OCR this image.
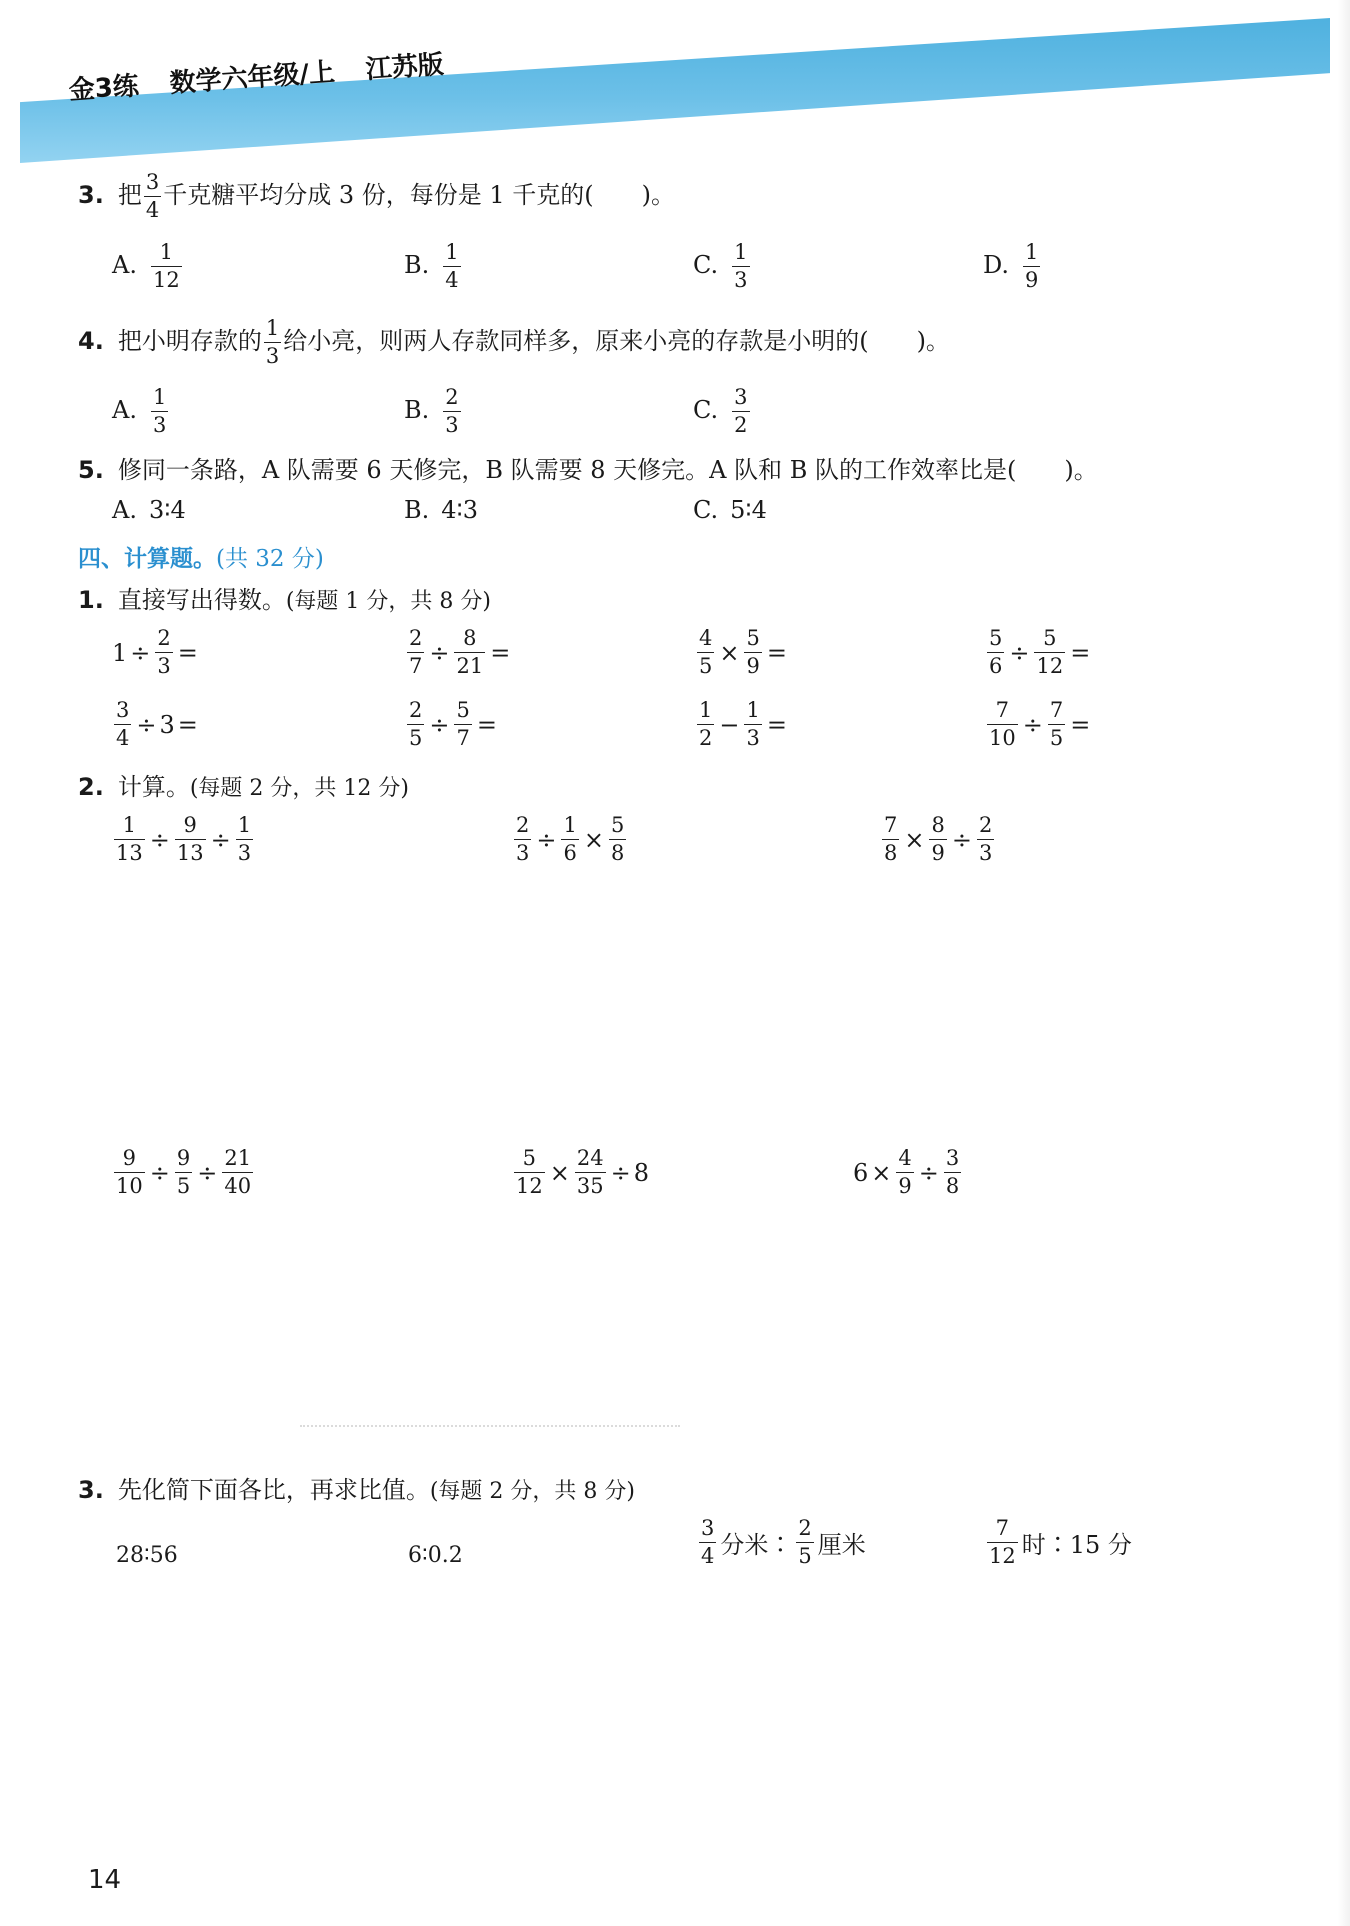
金3练 数学六年级/上 江苏版
3. 把 $\frac{3}{4}$ 千克糖平均分成 3 份，每份是 1 千克的(　　)。
A. $\frac{1}{12}$	B. $\frac{1}{4}$	C. $\frac{1}{3}$	D. $\frac{1}{9}$
4. 把小明存款的 $\frac{1}{3}$ 给小亮，则两人存款同样多，原来小亮的存款是小明的(　　)。
A. $\frac{1}{3}$	B. $\frac{2}{3}$	C. $\frac{3}{2}$
5. 修同一条路，A 队需要 6 天修完，B 队需要 8 天修完。A 队和 B 队的工作效率比是(　　)。
A. 3∶4	B. 4∶3	C. 5∶4
四、计算题。(共 32 分)
1. 直接写出得数。(每题 1 分，共 8 分)
$1 \div \frac{2}{3}$ =	$\frac{2}{7} \div \frac{8}{21}$ =	$\frac{4}{5} \times \frac{5}{9}$ =	$\frac{5}{6} \div \frac{5}{12}$ =
$\frac{3}{4} \div 3$ =	$\frac{2}{5} \div \frac{5}{7}$ =	$\frac{1}{2} - \frac{1}{3}$ =	$\frac{7}{10} \div \frac{7}{5}$ =
2. 计算。(每题 2 分，共 12 分)
$\frac{1}{13} \div \frac{9}{13} \div \frac{1}{3}$	$\frac{2}{3} \div \frac{1}{6} \times \frac{5}{8}$	$\frac{7}{8} \times \frac{8}{9} \div \frac{2}{3}$
$\frac{9}{10} \div \frac{9}{5} \div \frac{21}{40}$	$\frac{5}{12} \times \frac{24}{35} \div 8$	$6 \times \frac{4}{9} \div \frac{3}{8}$
3. 先化简下面各比，再求比值。(每题 2 分，共 8 分)
28∶56	6∶0.2	$\frac{3}{4}$ 分米∶ $\frac{2}{5}$ 厘米	$\frac{7}{12}$ 时∶15 分
14
